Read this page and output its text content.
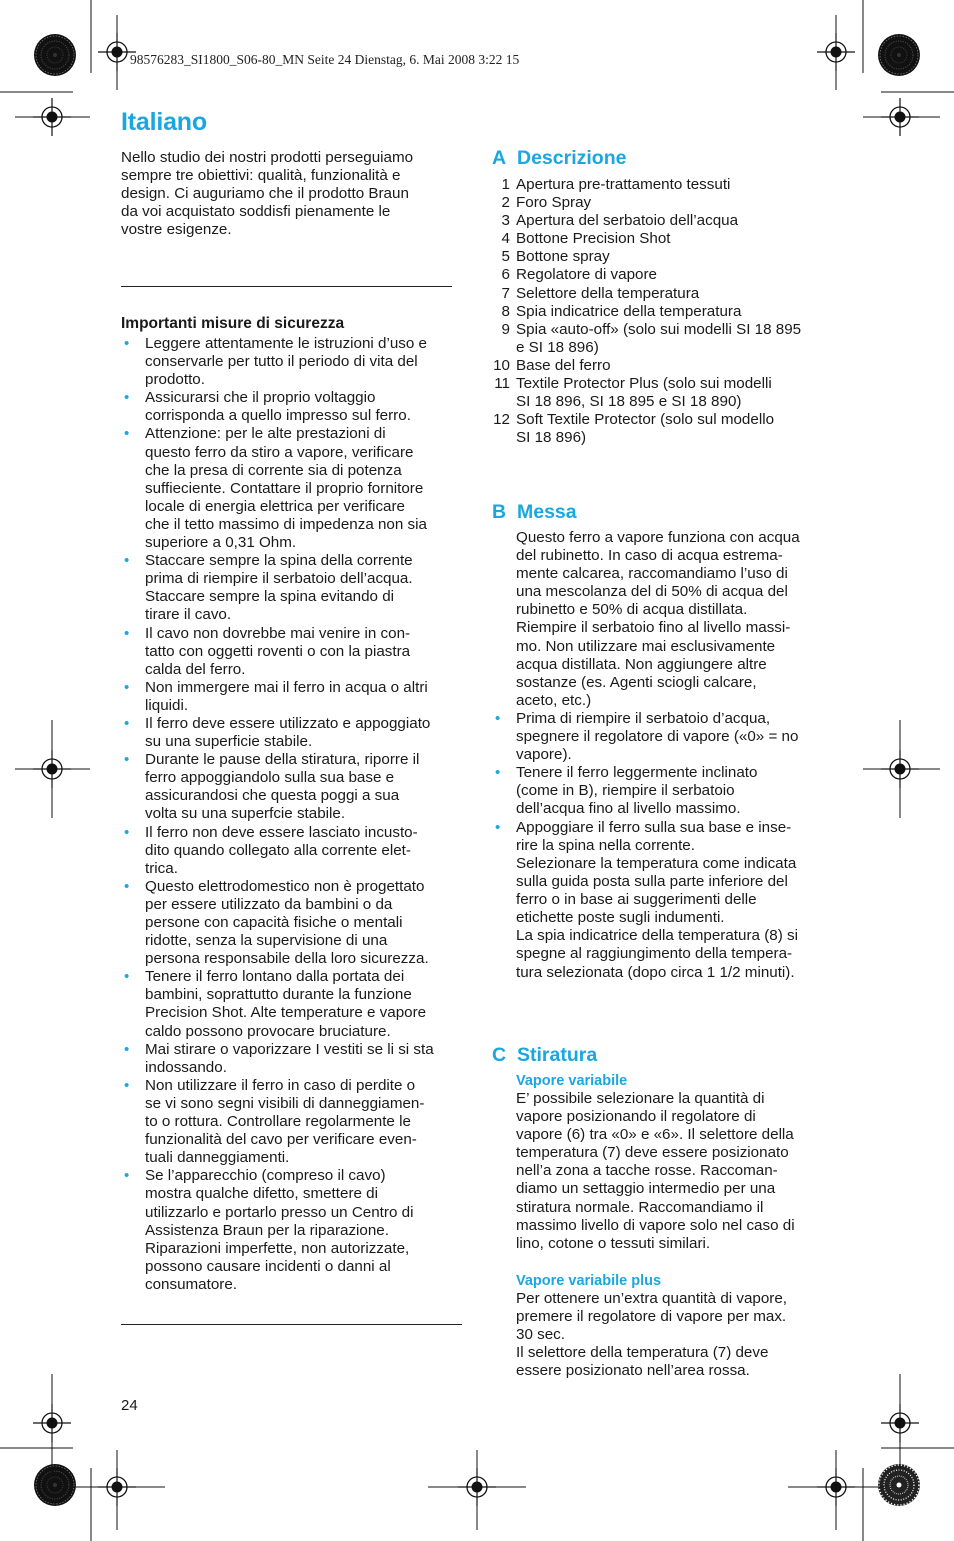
98576283_SI1800_S06-80_MN Seite 24 Dienstag, 6. Mai 2008 3:22 15
Italiano

Nello studio dei nostri prodotti perseguiamo
sempre tre obiettivi: qualità, funzionalità e
design. Ci auguriamo che il prodotto Braun
da voi acquistato soddisfi pienamente le
vostre esigenze.

Importanti misure di sicurezza
• Leggere attentamente le istruzioni d’uso e
conservarle per tutto il periodo di vita del
prodotto.
• Assicurarsi che il proprio voltaggio
corrisponda a quello impresso sul ferro.
• Attenzione: per le alte prestazioni di
questo ferro da stiro a vapore, verificare
che la presa di corrente sia di potenza
suffieciente. Contattare il proprio fornitore
locale di energia elettrica per verificare
che il tetto massimo di impedenza non sia
superiore a 0,31 Ohm.
• Staccare sempre la spina della corrente
prima di riempire il serbatoio dell’acqua.
Staccare sempre la spina evitando di
tirare il cavo.
• Il cavo non dovrebbe mai venire in con-
tatto con oggetti roventi o con la piastra
calda del ferro.
• Non immergere mai il ferro in acqua o altri
liquidi.
• Il ferro deve essere utilizzato e appoggiato
su una superficie stabile.
• Durante le pause della stiratura, riporre il
ferro appoggiandolo sulla sua base e
assicurandosi che questa poggi a sua
volta su una superfcie stabile.
• Il ferro non deve essere lasciato incusto-
dito quando collegato alla corrente elet-
trica.
• Questo elettrodomestico non è progettato
per essere utilizzato da bambini o da
persone con capacità fisiche o mentali
ridotte, senza la supervisione di una
persona responsabile della loro sicurezza.
• Tenere il ferro lontano dalla portata dei
bambini, soprattutto durante la funzione
Precision Shot. Alte temperature e vapore
caldo possono provocare bruciature.
• Mai stirare o vaporizzare I vestiti se li si sta
indossando.
• Non utilizzare il ferro in caso di perdite o
se vi sono segni visibili di danneggiamen-
to o rottura. Controllare regolarmente le
funzionalità del cavo per verificare even-
tuali danneggiamenti.
• Se l’apparecchio (compreso il cavo)
mostra qualche difetto, smettere di
utilizzarlo e portarlo presso un Centro di
Assistenza Braun per la riparazione.
Riparazioni imperfette, non autorizzate,
possono causare incidenti o danni al
consumatore.
A Descrizione
1 Apertura pre-trattamento tessuti
2 Foro Spray
3 Apertura del serbatoio dell’acqua
4 Bottone Precision Shot
5 Bottone spray
6 Regolatore di vapore
7 Selettore della temperatura
8 Spia indicatrice della temperatura
9 Spia «auto-off» (solo sui modelli SI 18 895
e SI 18 896)
10 Base del ferro
11 Textile Protector Plus (solo sui modelli
SI 18 896, SI 18 895 e SI 18 890)
12 Soft Textile Protector (solo sul modello
SI 18 896)
B Messa

Questo ferro a vapore funziona con acqua
del rubinetto. In caso di acqua estrema-
mente calcarea, raccomandiamo l’uso di
una mescolanza del di 50% di acqua del
rubinetto e 50% di acqua distillata.
Riempire il serbatoio fino al livello massi-
mo. Non utilizzare mai esclusivamente
acqua distillata. Non aggiungere altre
sostanze (es. Agenti sciogli calcare,
aceto, etc.)

• Prima di riempire il serbatoio d’acqua,
spegnere il regolatore di vapore («0» = no
vapore).
• Tenere il ferro leggermente inclinato
(come in B), riempire il serbatoio
dell’acqua fino al livello massimo.
• Appoggiare il ferro sulla sua base e inse-
rire la spina nella corrente.

Selezionare la temperatura come indicata
sulla guida posta sulla parte inferiore del
ferro o in base ai suggerimenti delle
etichette poste sugli indumenti.
La spia indicatrice della temperatura (8) si
spegne al raggiungimento della tempera-
tura selezionata (dopo circa 1 1/2 minuti).

C Stiratura
Vapore variabile

E’ possibile selezionare la quantità di
vapore posizionando il regolatore di
vapore (6) tra «0» e «6». Il selettore della
temperatura (7) deve essere posizionato
nell’a zona a tacche rosse. Raccoman-
diamo un settaggio intermedio per una
stiratura normale. Raccomandiamo il
massimo livello di vapore solo nel caso di
lino, cotone o tessuti similari.

Vapore variabile plus

Per ottenere un’extra quantità di vapore,
premere il regolatore di vapore per max.
30 sec.
Il selettore della temperatura (7) deve
essere posizionato nell’area rossa.

24
